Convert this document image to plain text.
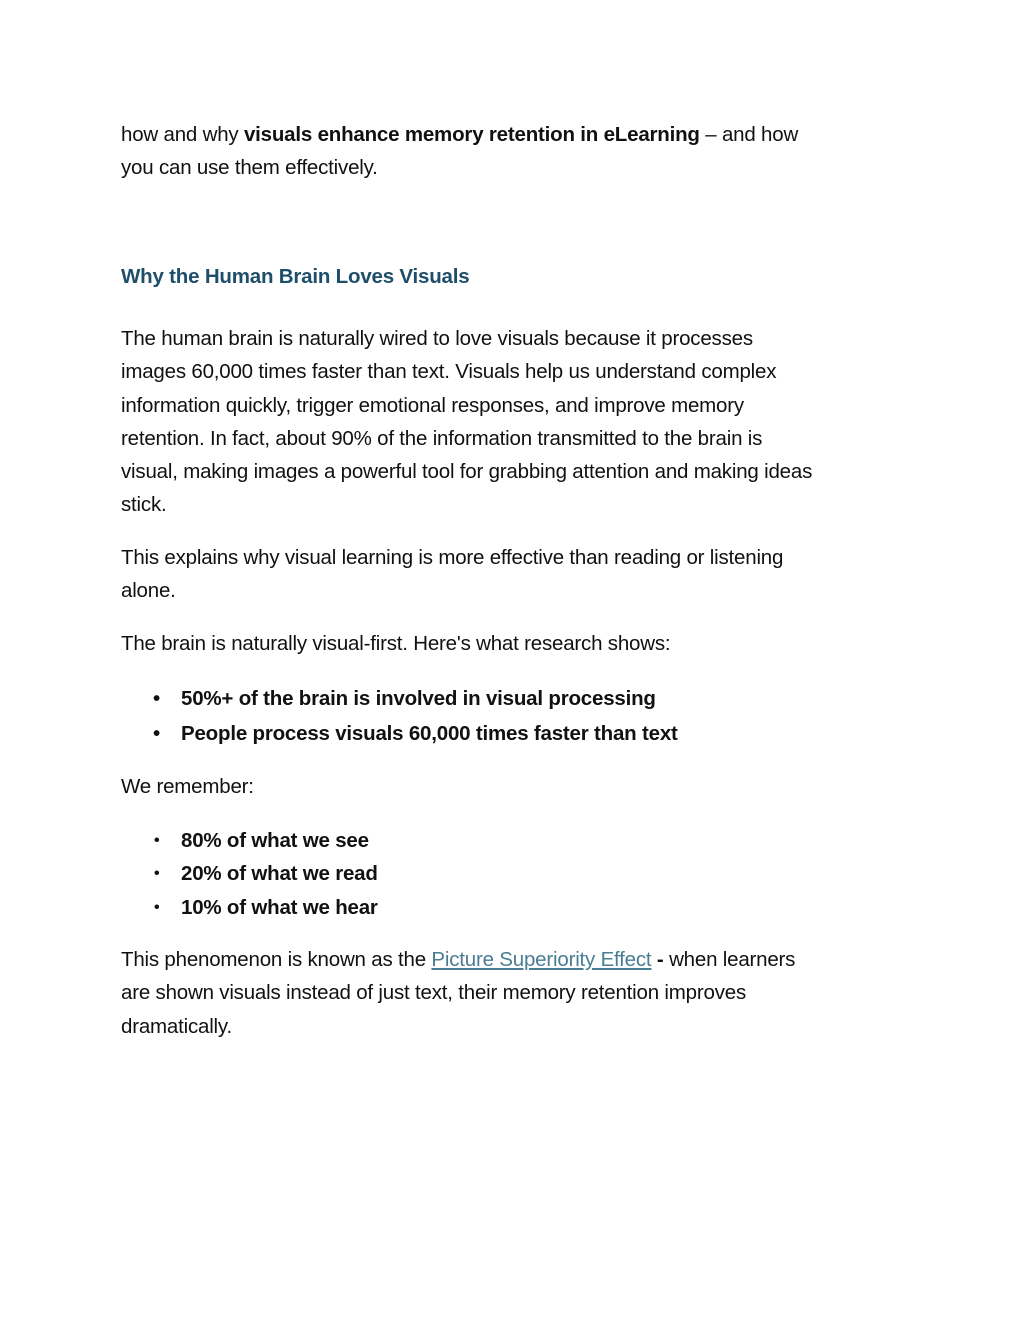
how and why visuals enhance memory retention in eLearning – and how

you can use them effectively.

Why the Human Brain Loves Visuals

The human brain is naturally wired to love visuals because it processes

images 60,000 times faster than text. Visuals help us understand complex

information quickly, trigger emotional responses, and improve memory

retention. In fact, about 90% of the information transmitted to the brain is

visual, making images a powerful tool for grabbing attention and making ideas

stick.

This explains why visual learning is more effective than reading or listening

alone.

The brain is naturally visual-first. Here's what research shows:

• 50%+ of the brain is involved in visual processing
• People process visuals 60,000 times faster than text

We remember:

• 80% of what we see
• 20% of what we read
• 10% of what we hear

This phenomenon is known as the Picture Superiority Effect - when learners

are shown visuals instead of just text, their memory retention improves

dramatically.
